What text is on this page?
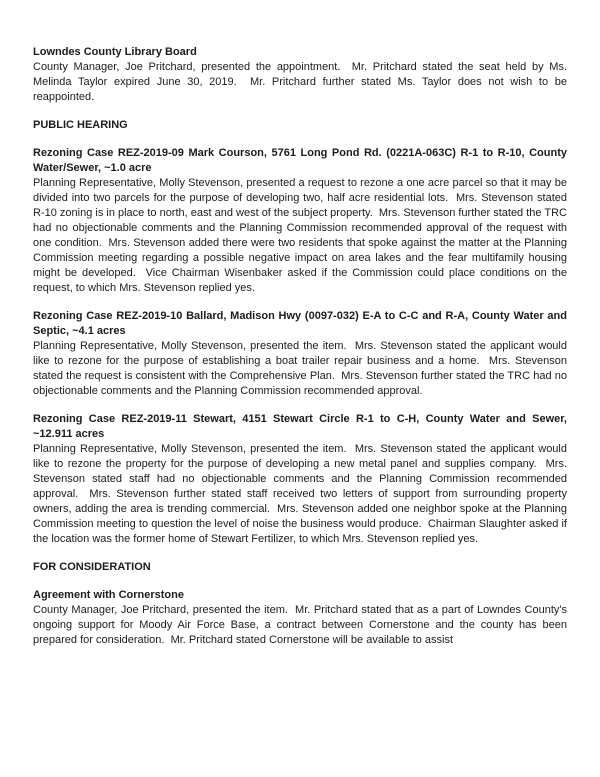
Lowndes County Library Board
County Manager, Joe Pritchard, presented the appointment.  Mr. Pritchard stated the seat held by Ms. Melinda Taylor expired June 30, 2019.  Mr. Pritchard further stated Ms. Taylor does not wish to be reappointed.
PUBLIC HEARING
Rezoning Case REZ-2019-09 Mark Courson, 5761 Long Pond Rd. (0221A-063C) R-1 to R-10, County Water/Sewer, ~1.0 acre
Planning Representative, Molly Stevenson, presented a request to rezone a one acre parcel so that it may be divided into two parcels for the purpose of developing two, half acre residential lots.  Mrs. Stevenson stated R-10 zoning is in place to north, east and west of the subject property.  Mrs. Stevenson further stated the TRC had no objectionable comments and the Planning Commission recommended approval of the request with one condition.  Mrs. Stevenson added there were two residents that spoke against the matter at the Planning Commission meeting regarding a possible negative impact on area lakes and the fear multifamily housing might be developed.  Vice Chairman Wisenbaker asked if the Commission could place conditions on the request, to which Mrs. Stevenson replied yes.
Rezoning Case REZ-2019-10 Ballard, Madison Hwy (0097-032) E-A to C-C and R-A, County Water and Septic, ~4.1 acres
Planning Representative, Molly Stevenson, presented the item.  Mrs. Stevenson stated the applicant would like to rezone for the purpose of establishing a boat trailer repair business and a home.  Mrs. Stevenson stated the request is consistent with the Comprehensive Plan.  Mrs. Stevenson further stated the TRC had no objectionable comments and the Planning Commission recommended approval.
Rezoning Case REZ-2019-11 Stewart, 4151 Stewart Circle R-1 to C-H, County Water and Sewer, ~12.911 acres
Planning Representative, Molly Stevenson, presented the item.  Mrs. Stevenson stated the applicant would like to rezone the property for the purpose of developing a new metal panel and supplies company.  Mrs. Stevenson stated staff had no objectionable comments and the Planning Commission recommended approval.  Mrs. Stevenson further stated staff received two letters of support from surrounding property owners, adding the area is trending commercial.  Mrs. Stevenson added one neighbor spoke at the Planning Commission meeting to question the level of noise the business would produce.  Chairman Slaughter asked if the location was the former home of Stewart Fertilizer, to which Mrs. Stevenson replied yes.
FOR CONSIDERATION
Agreement with Cornerstone
County Manager, Joe Pritchard, presented the item.  Mr. Pritchard stated that as a part of Lowndes County's ongoing support for Moody Air Force Base, a contract between Cornerstone and the county has been prepared for consideration.  Mr. Pritchard stated Cornerstone will be available to assist
